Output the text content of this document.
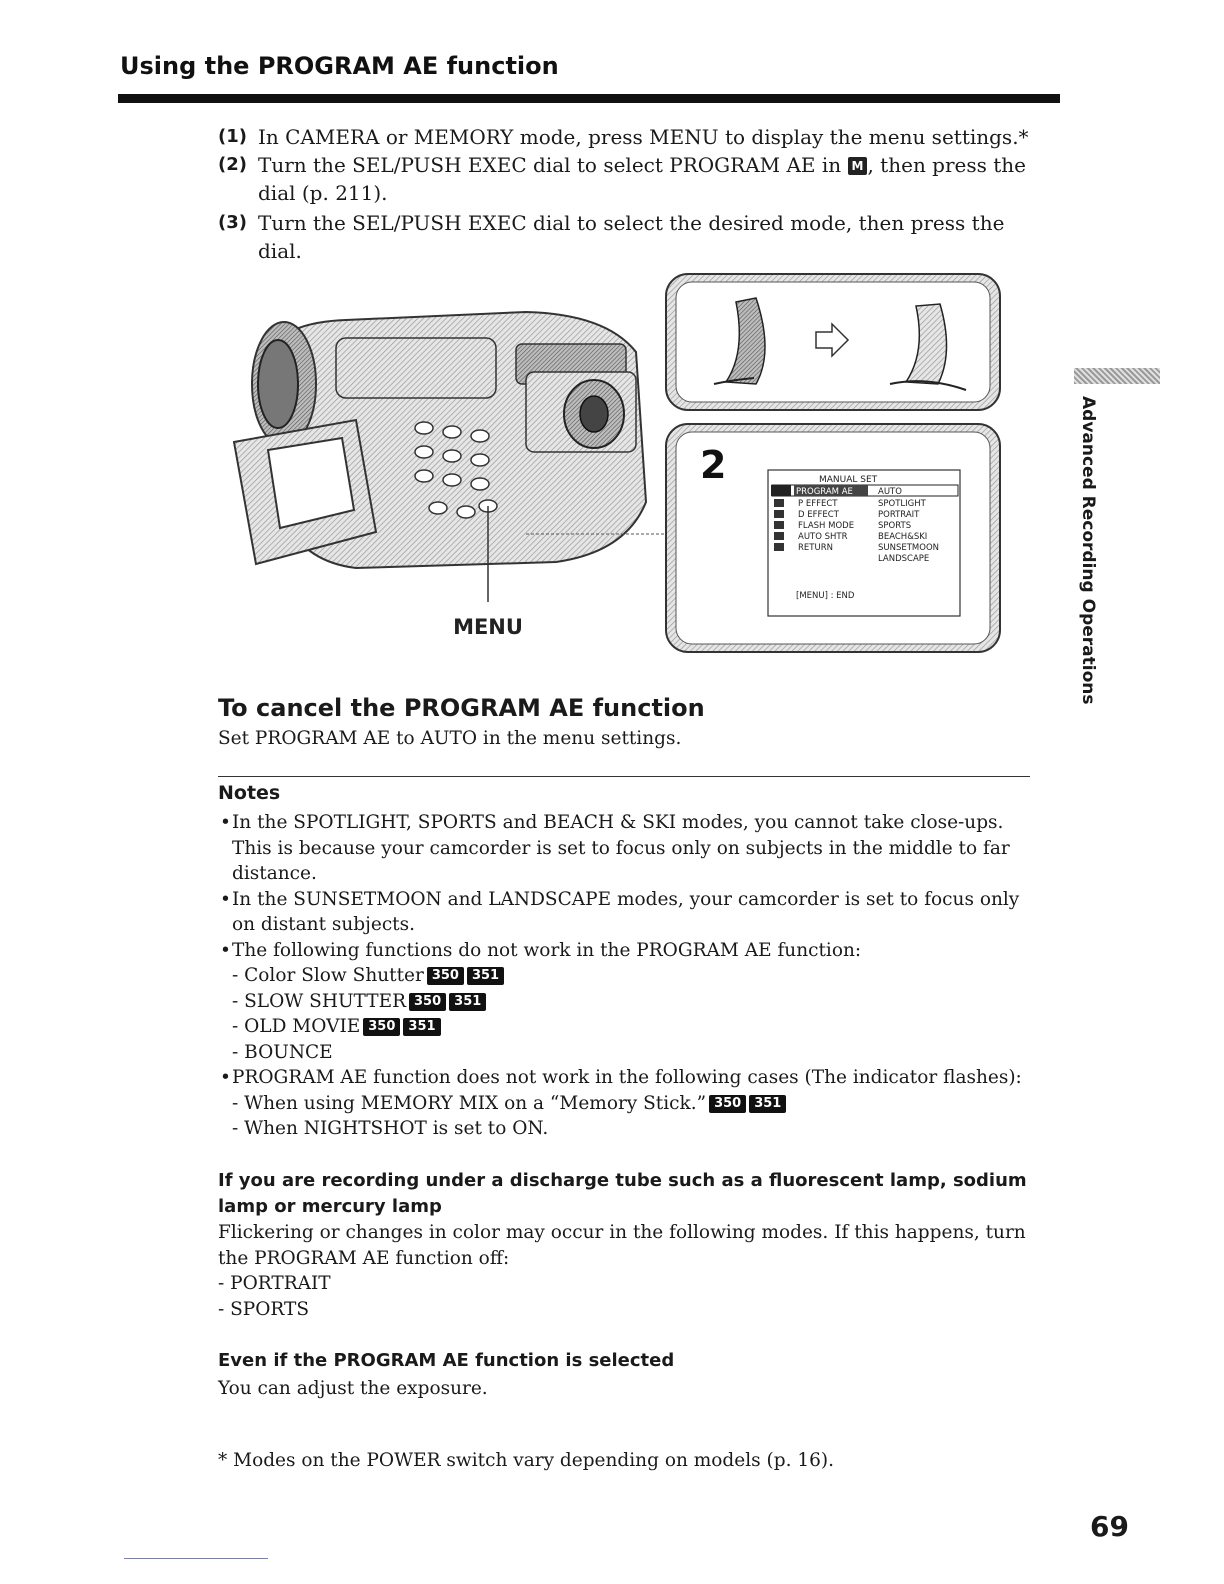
Using the PROGRAM AE function
(1) In CAMERA or MEMORY mode, press MENU to display the menu settings.*
(2) Turn the SEL/PUSH EXEC dial to select PROGRAM AE in M , then press the dial (p. 211).
(3) Turn the SEL/PUSH EXEC dial to select the desired mode, then press the dial.
MENU
2	MANUAL SET
PROGRAM AE
P EFFECT
D EFFECT
FLASH MODE
AUTO SHTR
RETURN
AUTO
SPOTLIGHT
PORTRAIT
SPORTS
BEACH&SKI
SUNSETMOON
LANDSCAPE
[MENU] : END	Advanced Recording Operations
To cancel the PROGRAM AE function
Set PROGRAM AE to AUTO in the menu settings.
Notes
• In the SPOTLIGHT, SPORTS and BEACH & SKI modes, you cannot take close-ups.
This is because your camcorder is set to focus only on subjects in the middle to far
distance.
• In the SUNSETMOON and LANDSCAPE modes, your camcorder is set to focus only
on distant subjects.
• The following functions do not work in the PROGRAM AE function:
- Color Slow Shutter 350 351
- SLOW SHUTTER 350 351
- OLD MOVIE 350 351
- BOUNCE
• PROGRAM AE function does not work in the following cases (The indicator flashes):
- When using MEMORY MIX on a “Memory Stick.” 350 351
- When NIGHTSHOT is set to ON.
If you are recording under a discharge tube such as a fluorescent lamp, sodium
lamp or mercury lamp
Flickering or changes in color may occur in the following modes. If this happens, turn
the PROGRAM AE function off:
- PORTRAIT
- SPORTS
Even if the PROGRAM AE function is selected
You can adjust the exposure.
* Modes on the POWER switch vary depending on models (p. 16).
69
